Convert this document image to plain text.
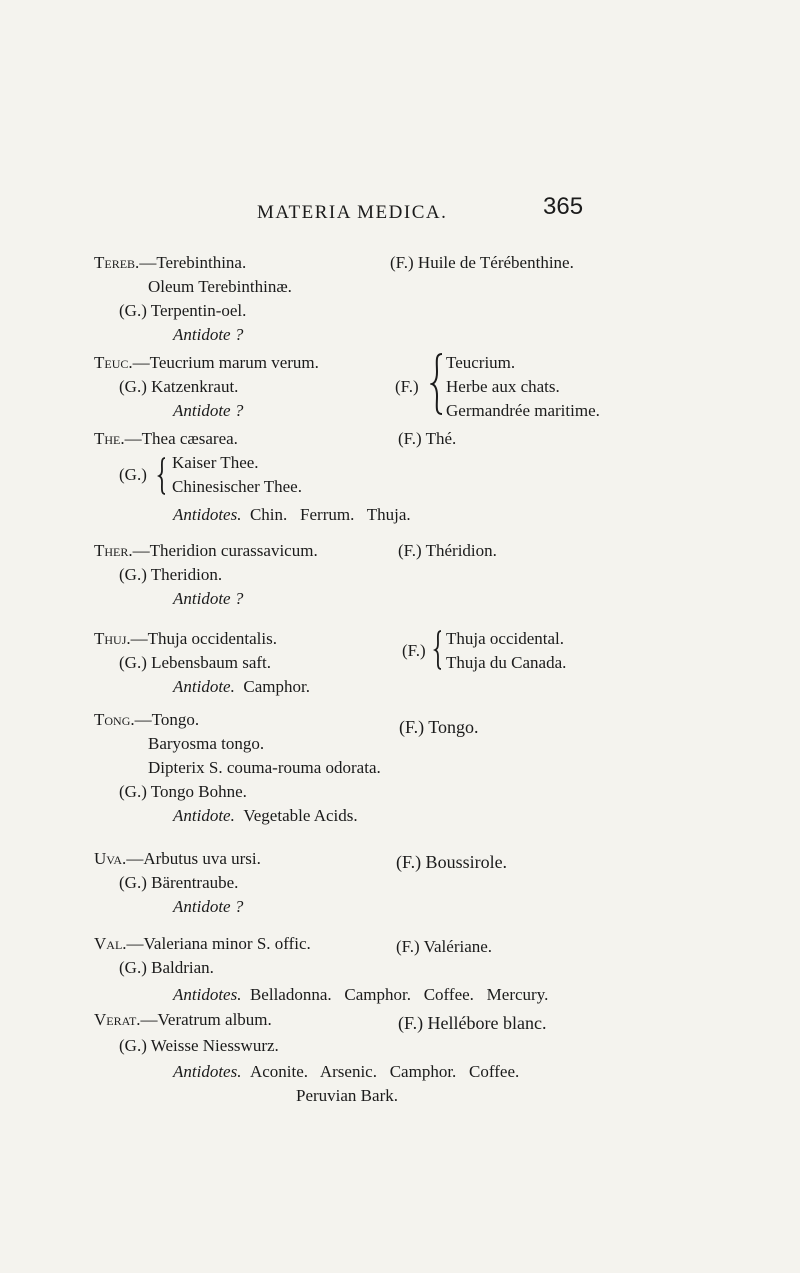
MATERIA MEDICA.	365
Tereb.—Terebinthina.	(F.) Huile de Térébenthine.
Oleum Terebinthinæ.
(G.) Terpentin-oel.
Antidote ?
Teuc.—Teucrium marum verum.
(G.) Katzenkraut.
Antidote ?
(F.)
Teucrium.
Herbe aux chats.
Germandrée maritime.
The.—Thea cæsarea.	(F.) Thé.
(G.)
Kaiser Thee.
Chinesischer Thee.
Antidotes. Chin.   Ferrum.   Thuja.
Ther.—Theridion curassavicum.	(F.) Théridion.
(G.) Theridion.
Antidote ?
Thuj.—Thuja occidentalis.
(G.) Lebensbaum saft.
Antidote. Camphor.
(F.)
Thuja occidental.
Thuja du Canada.
Tong.—Tongo.	(F.) Tongo.
Baryosma tongo.
Dipterix S. couma-rouma odorata.
(G.) Tongo Bohne.
Antidote. Vegetable Acids.
Uva.—Arbutus uva ursi.	(F.) Boussirole.
(G.) Bärentraube.
Antidote ?
Val.—Valeriana minor S. offic.	(F.) Valériane.
(G.) Baldrian.
Antidotes. Belladonna.   Camphor.   Coffee.   Mercury.
Verat.—Veratrum album.	(F.) Hellébore blanc.
(G.) Weisse Niesswurz.
Antidotes. Aconite.   Arsenic.   Camphor.   Coffee.
Peruvian Bark.
